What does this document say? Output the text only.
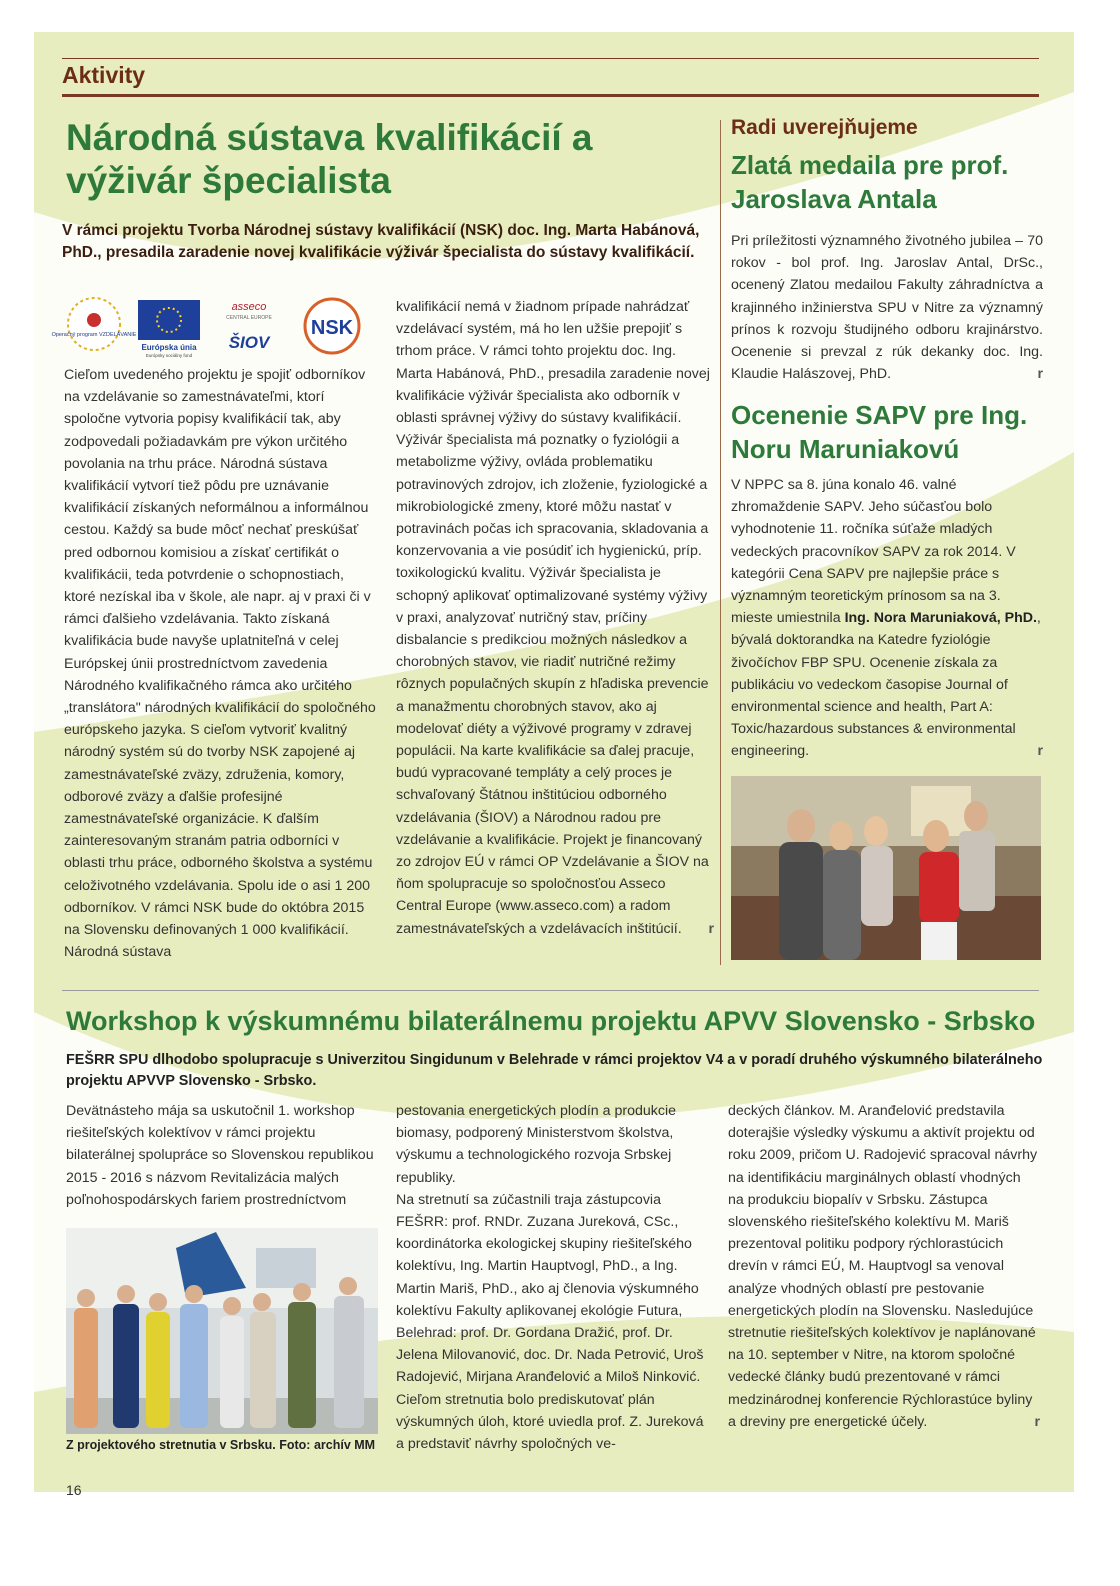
Aktivity
Národná sústava kvalifikácií a výživár špecialista

V rámci projektu Tvorba Národnej sústavy kvalifikácií (NSK) doc. Ing. Marta Habánová, PhD., presadila zaradenie novej kvalifikácie výživár špecialista do sústavy kvalifikácií.

Operačný program VZDELÁVANIE
Európska únia
Európsky sociálny fond
asseco
CENTRAL EUROPE
ŠIOV
NSK

Cieľom uvedeného projektu je spojiť odborníkov na vzdelávanie so zamestnávateľmi, ktorí spoločne vytvoria popisy kvalifikácií tak, aby zodpovedali požiadavkám pre výkon určitého povolania na trhu práce. Národná sústava kvalifikácií vytvorí tiež pôdu pre uznávanie kvalifikácií získaných neformálnou a informálnou cestou. Každý sa bude môcť nechať preskúšať pred odbornou komisiou a získať certifikát o kvalifikácii, teda potvrdenie o schopnostiach, ktoré nezískal iba v škole, ale napr. aj v praxi či v rámci ďalšieho vzdelávania. Takto získaná kvalifikácia bude navyše uplatniteľná v celej Európskej únii prostredníctvom zavedenia Národného kvalifikačného rámca ako určitého „translátora" národných kvalifikácií do spoločného európskeho jazyka. S cieľom vytvoriť kvalitný národný systém sú do tvorby NSK zapojené aj zamestnávateľské zväzy, združenia, komory, odborové zväzy a ďalšie profesijné zamestnávateľské organizácie. K ďalším zainteresovaným stranám patria odborníci v oblasti trhu práce, odborného školstva a systému celoživotného vzdelávania. Spolu ide o asi 1 200 odborníkov. V rámci NSK bude do októbra 2015 na Slovensku definovaných 1 000 kvalifikácií. Národná sústava

kvalifikácií nemá v žiadnom prípade nahrádzať vzdelávací systém, má ho len užšie prepojiť s trhom práce. V rámci tohto projektu doc. Ing. Marta Habánová, PhD., presadila zaradenie novej kvalifikácie výživár špecialista ako odborník v oblasti správnej výživy do sústavy kvalifikácií. Výživár špecialista má poznatky o fyziológii a metabolizme výživy, ovláda problematiku potravinových zdrojov, ich zloženie, fyziologické a mikrobiologické zmeny, ktoré môžu nastať v potravinách počas ich spracovania, skladovania a konzervovania a vie posúdiť ich hygienickú, príp. toxikologickú kvalitu. Výživár špecialista je schopný aplikovať optimalizované systémy výživy v praxi, analyzovať nutričný stav, príčiny disbalancie s predikciou možných následkov a chorobných stavov, vie riadiť nutričné režimy rôznych populačných skupín z hľadiska prevencie a manažmentu chorobných stavov, ako aj modelovať diéty a výživové programy v zdravej populácii. Na karte kvalifikácie sa ďalej pracuje, budú vypracované templáty a celý proces je schvaľovaný Štátnou inštitúciou odborného vzdelávania (ŠIOV) a Národnou radou pre vzdelávanie a kvalifikácie. Projekt je financovaný zo zdrojov EÚ v rámci OP Vzdelávanie a ŠIOV na ňom spolupracuje so spoločnosťou Asseco Central Europe (www.asseco.com) a radom zamestnávateľských a vzdelávacích inštitúcií. r

Radi uverejňujeme
Zlatá medaila pre prof. Jaroslava Antala

Pri príležitosti významného životného jubilea – 70 rokov - bol prof. Ing. Jaroslav Antal, DrSc., ocenený Zlatou medailou Fakulty záhradníctva a krajinného inžinierstva SPU v Nitre za významný prínos k rozvoju študijného odboru krajinárstvo. Ocenenie si prevzal z rúk dekanky doc. Ing. Klaudie Halászovej, PhD.	r

Ocenenie SAPV pre Ing. Noru Maruniakovú

V NPPC sa 8. júna konalo 46. valné zhromaždenie SAPV. Jeho súčasťou bolo vyhodnotenie 11. ročníka súťaže mladých vedeckých pracovníkov SAPV za rok 2014. V kategórii Cena SAPV pre najlepšie práce s významným teoretickým prínosom sa na 3. mieste umiestnila Ing. Nora Maruniaková, PhD., bývalá doktorandka na Katedre fyziológie živočíchov FBP SPU. Ocenenie získala za publikáciu vo vedeckom časopise Journal of environmental science and health, Part A: Toxic/hazardous substances & environmental engineering.	r

Workshop k výskumnému bilaterálnemu projektu APVV Slovensko - Srbsko

FEŠRR SPU dlhodobo spolupracuje s Univerzitou Singidunum v Belehrade v rámci projektov V4 a v poradí druhého výskumného bilaterálneho projektu APVVP Slovensko - Srbsko.

Devätnásteho mája sa uskutočnil 1. workshop riešiteľských kolektívov v rámci projektu bilaterálnej spolupráce so Slovenskou republikou 2015 - 2016 s názvom Revitalizácia malých poľnohospodárskych fariem prostredníctvom

Z projektového stretnutia v Srbsku. Foto: archív MM

pestovania energetických plodín a produkcie biomasy, podporený Ministerstvom školstva, výskumu a technologického rozvoja Srbskej republiky.
Na stretnutí sa zúčastnili traja zástupcovia FEŠRR: prof. RNDr. Zuzana Jureková, CSc., koordinátorka ekologickej skupiny riešiteľského kolektívu, Ing. Martin Hauptvogl, PhD., a Ing. Martin Mariš, PhD., ako aj členovia výskumného kolektívu Fakulty aplikovanej ekológie Futura, Belehrad: prof. Dr. Gordana Dražić, prof. Dr. Jelena Milovanović, doc. Dr. Nada Petrović, Uroš Radojević, Mirjana Aranđelović a Miloš Ninković. Cieľom stretnutia bolo prediskutovať plán výskumných úloh, ktoré uviedla prof. Z. Jureková a predstaviť návrhy spoločných ve-

deckých článkov. M. Aranđelović predstavila doterajšie výsledky výskumu a aktivít projektu od roku 2009, pričom U. Radojević spracoval návrhy na identifikáciu marginálnych oblastí vhodných na produkciu biopalív v Srbsku. Zástupca slovenského riešiteľského kolektívu M. Mariš prezentoval politiku podpory rýchlorastúcich drevín v rámci EÚ, M. Hauptvogl sa venoval analýze vhodných oblastí pre pestovanie energetických plodín na Slovensku. Nasledujúce stretnutie riešiteľských kolektívov je naplánované na 10. september v Nitre, na ktorom spoločné vedecké články budú prezentované v rámci medzinárodnej konferencie Rýchlorastúce byliny a dreviny pre energetické účely.	r

16
